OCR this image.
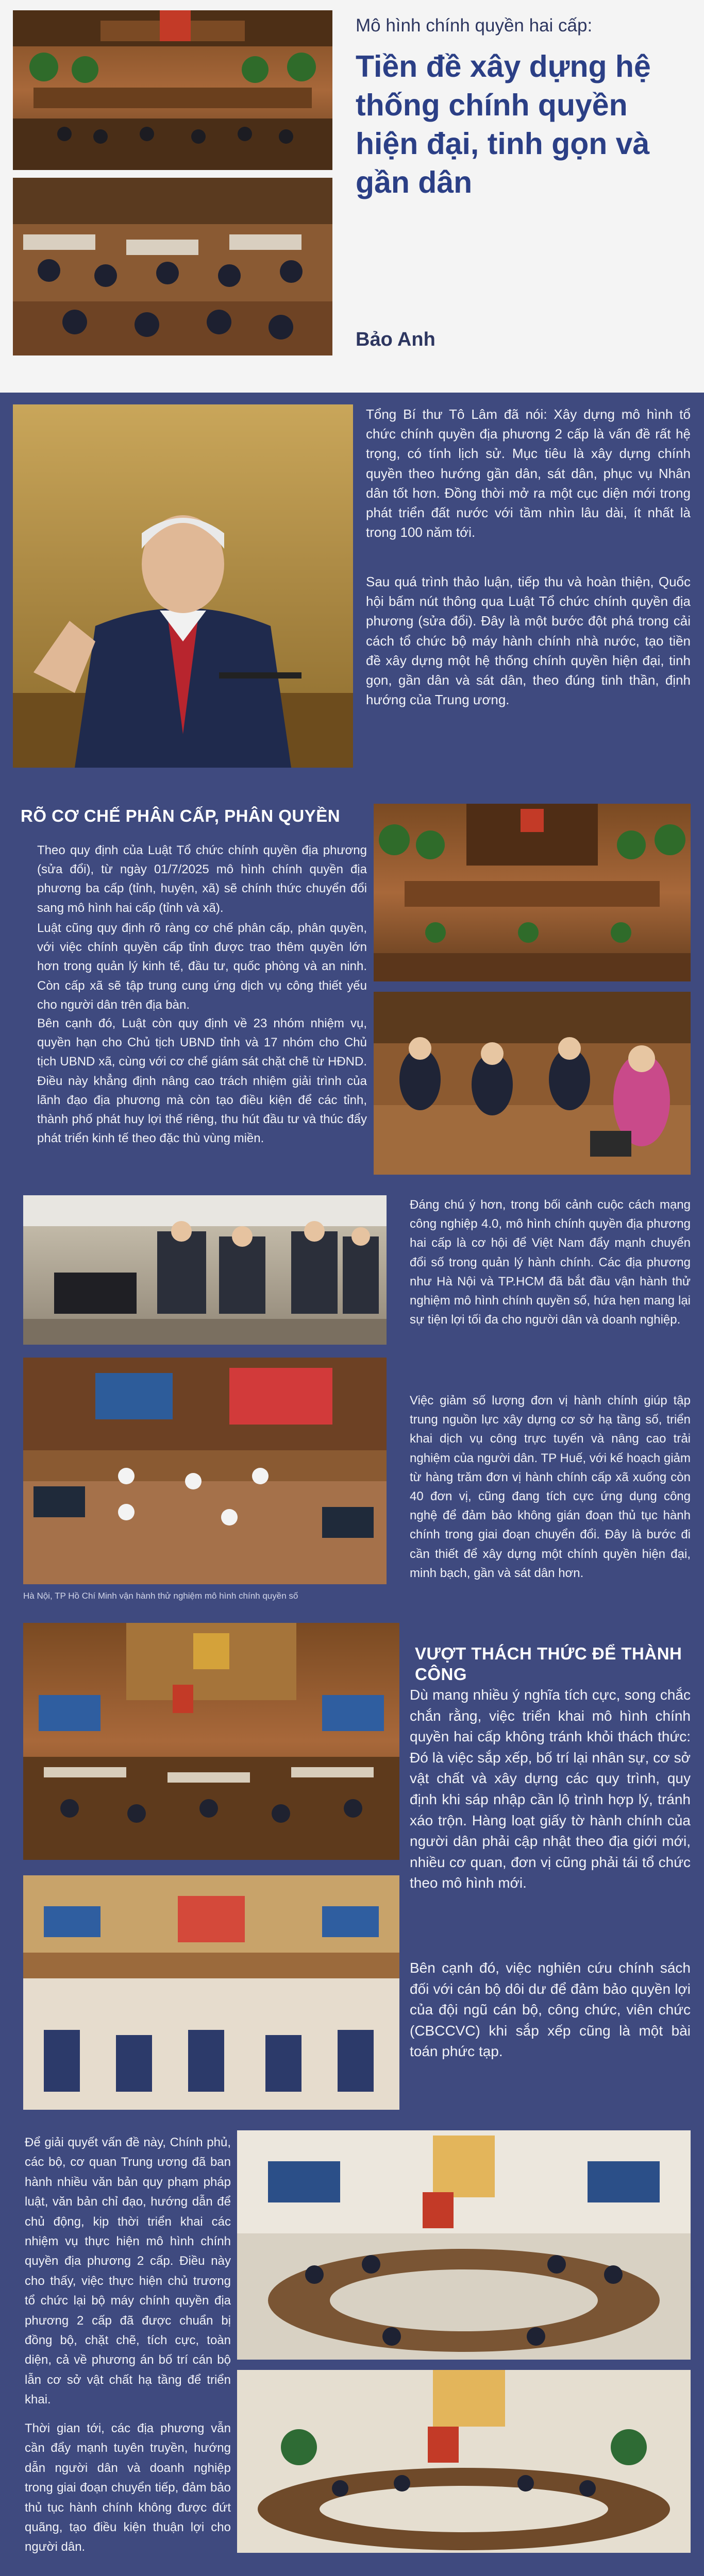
Mô hình chính quyền hai cấp:
Tiền đề xây dựng hệ thống chính quyền hiện đại, tinh gọn và gần dân
Bảo Anh
Tổng Bí thư Tô Lâm đã nói: Xây dựng mô hình tổ chức chính quyền địa phương 2 cấp là vấn đề rất hệ trọng, có tính lịch sử. Mục tiêu là xây dựng chính quyền theo hướng gần dân, sát dân, phục vụ Nhân dân tốt hơn. Đồng thời mở ra một cục diện mới trong phát triển đất nước với tầm nhìn lâu dài, ít nhất là trong 100 năm tới.
Sau quá trình thảo luận, tiếp thu và hoàn thiện, Quốc hội bấm nút thông qua Luật Tổ chức chính quyền địa phương (sửa đổi). Đây là một bước đột phá trong cải cách tổ chức bộ máy hành chính nhà nước, tạo tiền đề xây dựng một hệ thống chính quyền hiện đại, tinh gọn, gần dân và sát dân, theo đúng tinh thần, định hướng của Trung ương.
RÕ CƠ CHẾ PHÂN CẤP, PHÂN QUYỀN
Theo quy định của Luật Tổ chức chính quyền địa phương (sửa đổi), từ ngày 01/7/2025 mô hình chính quyền địa phương ba cấp (tỉnh, huyện, xã) sẽ chính thức chuyển đổi sang mô hình hai cấp (tỉnh và xã).
Luật cũng quy định rõ ràng cơ chế phân cấp, phân quyền, với việc chính quyền cấp tỉnh được trao thêm quyền lớn hơn trong quản lý kinh tế, đầu tư, quốc phòng và an ninh. Còn cấp xã sẽ tập trung cung ứng dịch vụ công thiết yếu cho người dân trên địa bàn.
Bên cạnh đó, Luật còn quy định về 23 nhóm nhiệm vụ, quyền hạn cho Chủ tịch UBND tỉnh và 17 nhóm cho Chủ tịch UBND xã, cùng với cơ chế giám sát chặt chẽ từ HĐND. Điều này khẳng định nâng cao trách nhiệm giải trình của lãnh đạo địa phương mà còn tạo điều kiện để các tỉnh, thành phố phát huy lợi thế riêng, thu hút đầu tư và thúc đẩy phát triển kinh tế theo đặc thù vùng miền.
Hà Nội, TP Hồ Chí Minh vận hành thử nghiệm mô hình chính quyền số
Đáng chú ý hơn, trong bối cảnh cuộc cách mạng công nghiệp 4.0, mô hình chính quyền địa phương hai cấp là cơ hội để Việt Nam đẩy mạnh chuyển đổi số trong quản lý hành chính. Các địa phương như Hà Nội và TP.HCM đã bắt đầu vận hành thử nghiệm mô hình chính quyền số, hứa hẹn mang lại sự tiện lợi tối đa cho người dân và doanh nghiệp.
Việc giảm số lượng đơn vị hành chính giúp tập trung nguồn lực xây dựng cơ sở hạ tầng số, triển khai dịch vụ công trực tuyến và nâng cao trải nghiệm của người dân. TP Huế, với kế hoạch giảm từ hàng trăm đơn vị hành chính cấp xã xuống còn 40 đơn vị, cũng đang tích cực ứng dụng công nghệ để đảm bảo không gián đoạn thủ tục hành chính trong giai đoạn chuyển đổi. Đây là bước đi cần thiết để xây dựng một chính quyền hiện đại, minh bạch, gần và sát dân hơn.
VƯỢT THÁCH THỨC ĐỂ THÀNH CÔNG
Dù mang nhiều ý nghĩa tích cực, song chắc chắn rằng, việc triển khai mô hình chính quyền hai cấp không tránh khỏi thách thức: Đó là việc sắp xếp, bố trí lại nhân sự, cơ sở vật chất và xây dựng các quy trình, quy định khi sáp nhập cần lộ trình hợp lý, tránh xáo trộn. Hàng loạt giấy tờ hành chính của người dân phải cập nhật theo địa giới mới, nhiều cơ quan, đơn vị cũng phải tái tổ chức theo mô hình mới.
Bên cạnh đó, việc nghiên cứu chính sách đối với cán bộ dôi dư để đảm bảo quyền lợi của đội ngũ cán bộ, công chức, viên chức (CBCCVC) khi sắp xếp cũng là một bài toán phức tạp.
Để giải quyết vấn đề này, Chính phủ, các bộ, cơ quan Trung ương đã ban hành nhiều văn bản quy phạm pháp luật, văn bản chỉ đạo, hướng dẫn để chủ động, kịp thời triển khai các nhiệm vụ thực hiện mô hình chính quyền địa phương 2 cấp. Điều này cho thấy, việc thực hiện chủ trương tổ chức lại bộ máy chính quyền địa phương 2 cấp đã được chuẩn bị đồng bộ, chặt chẽ, tích cực, toàn diện, cả về phương án bố trí cán bộ lẫn cơ sở vật chất hạ tầng để triển khai.
Thời gian tới, các địa phương vẫn cần đẩy mạnh tuyên truyền, hướng dẫn người dân và doanh nghiệp trong giai đoạn chuyển tiếp, đảm bảo thủ tục hành chính không được đứt quãng, tạo điều kiện thuận lợi cho người dân.
